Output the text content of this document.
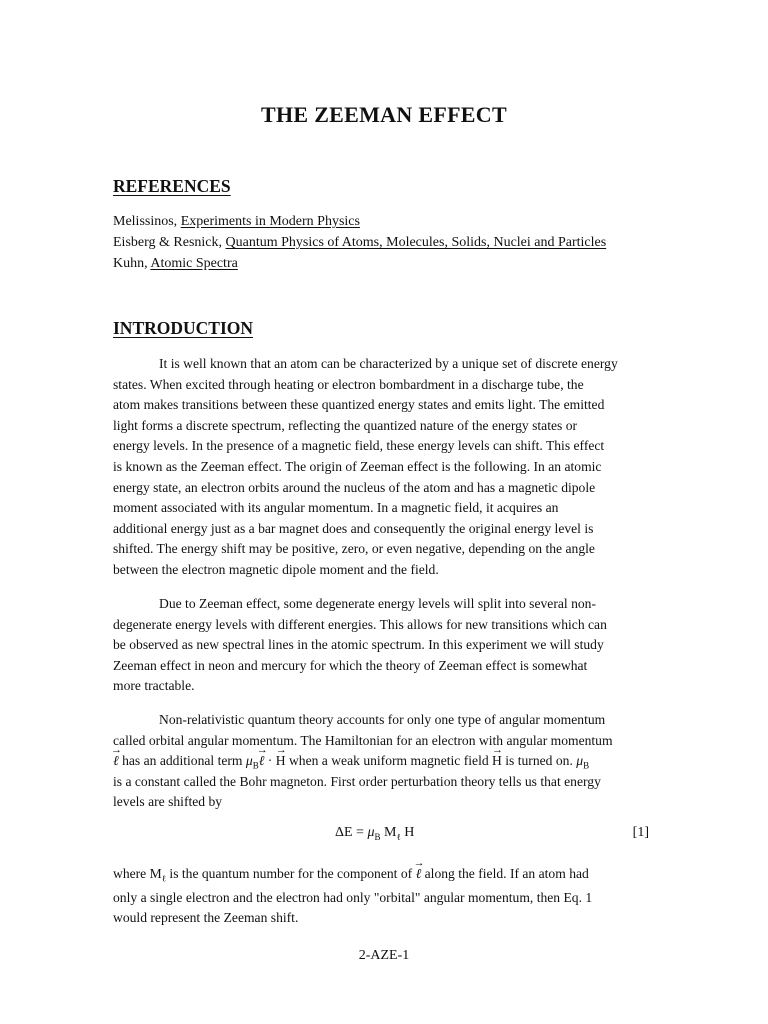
THE ZEEMAN EFFECT
REFERENCES
Melissinos, Experiments in Modern Physics
Eisberg & Resnick, Quantum Physics of Atoms, Molecules, Solids, Nuclei and Particles
Kuhn, Atomic Spectra
INTRODUCTION
It is well known that an atom can be characterized by a unique set of discrete energy
states. When excited through heating or electron bombardment in a discharge tube, the
atom makes transitions between these quantized energy states and emits light. The emitted
light forms a discrete spectrum, reflecting the quantized nature of the energy states or
energy levels. In the presence of a magnetic field, these energy levels can shift. This effect
is known as the Zeeman effect. The origin of Zeeman effect is the following. In an atomic
energy state, an electron orbits around the nucleus of the atom and has a magnetic dipole
moment associated with its angular momentum. In a magnetic field, it acquires an
additional energy just as a bar magnet does and consequently the original energy level is
shifted. The energy shift may be positive, zero, or even negative, depending on the angle
between the electron magnetic dipole moment and the field.
Due to Zeeman effect, some degenerate energy levels will split into several non-
degenerate energy levels with different energies. This allows for new transitions which can
be observed as new spectral lines in the atomic spectrum. In this experiment we will study
Zeeman effect in neon and mercury for which the theory of Zeeman effect is somewhat
more tractable.
Non-relativistic quantum theory accounts for only one type of angular momentum
called orbital angular momentum. The Hamiltonian for an electron with angular momentum
→ ℓ has an additional term $\mu_B\to$ ℓ · → H when a weak uniform magnetic field → H is turned on. $\mu_B$
is a constant called the Bohr magneton. First order perturbation theory tells us that energy
levels are shifted by
$\Delta E = \mu_B$ $M_\ell$ H	[1]
where $M_\ell$ is the quantum number for the component of → ℓ along the field. If an atom had
only a single electron and the electron had only "orbital" angular momentum, then Eq. 1
would represent the Zeeman shift.
2-AZE-1
